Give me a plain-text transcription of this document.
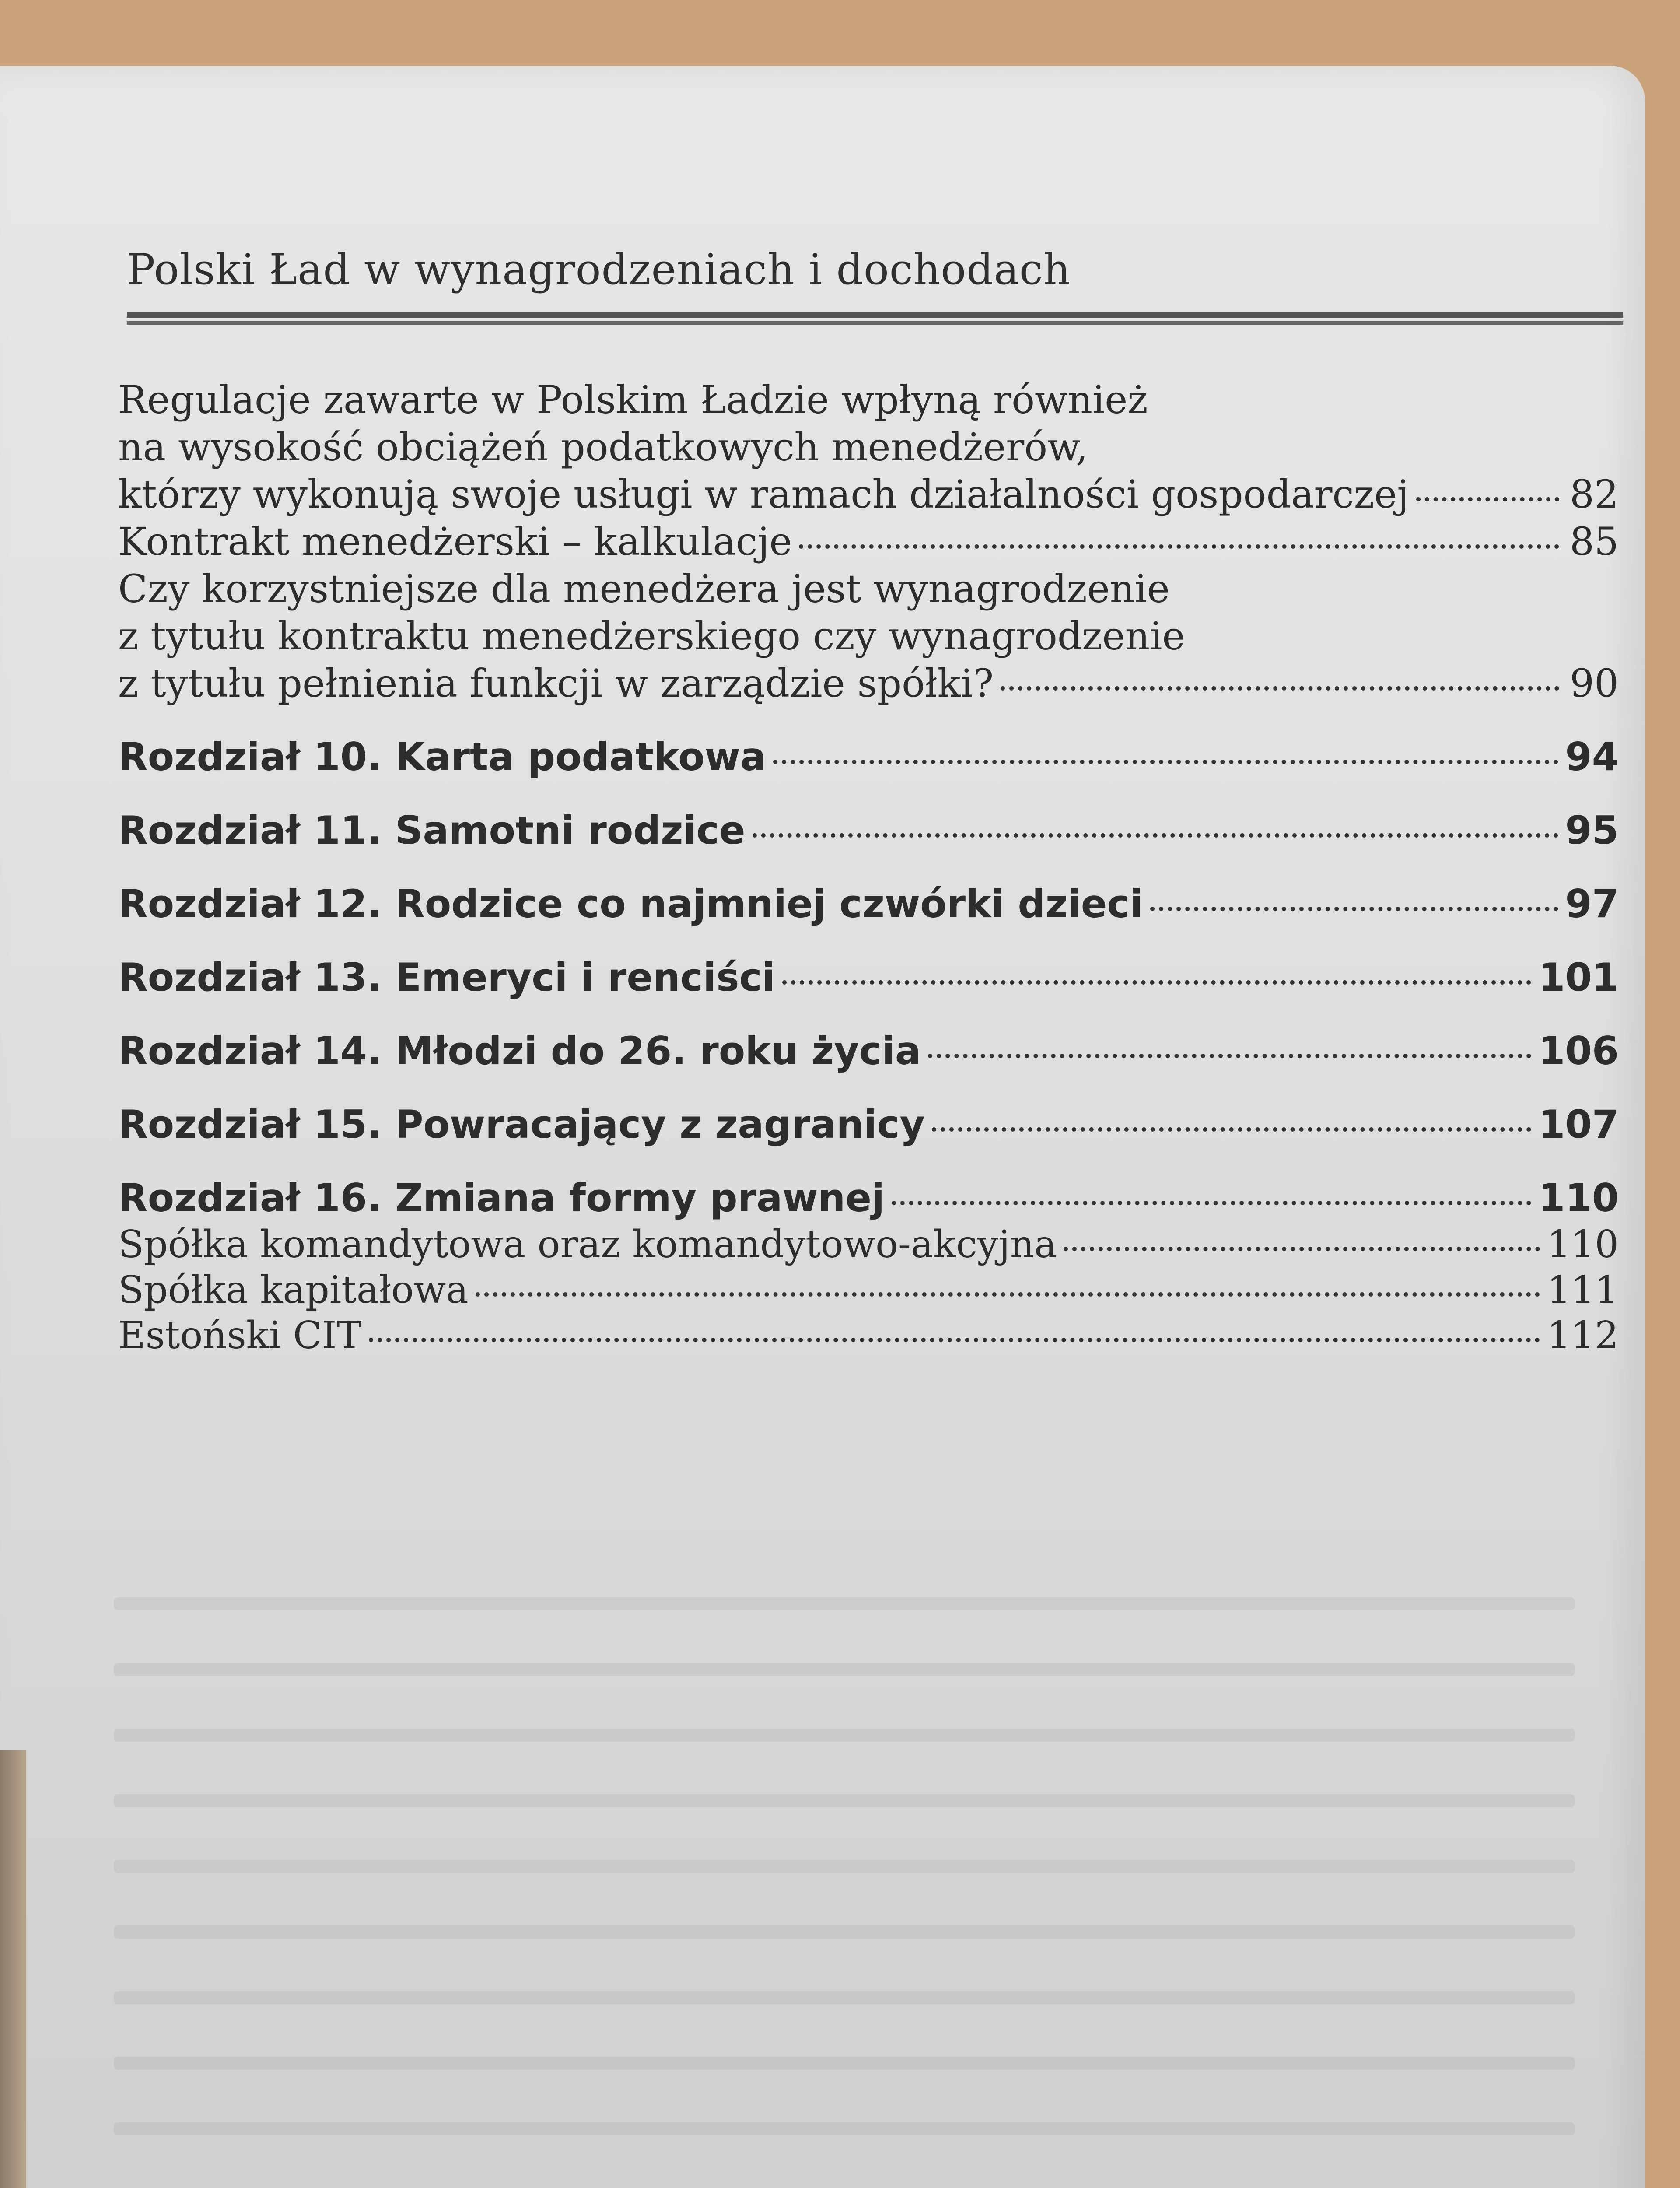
Polski Ład w wynagrodzeniach i dochodach
Regulacje zawarte w Polskim Ładzie wpłyną również
na wysokość obciążeń podatkowych menedżerów,
którzy wykonują swoje usługi w ramach działalności gospodarczej	82
Kontrakt menedżerski – kalkulacje	85
Czy korzystniejsze dla menedżera jest wynagrodzenie
z tytułu kontraktu menedżerskiego czy wynagrodzenie
z tytułu pełnienia funkcji w zarządzie spółki?	90
Rozdział 10. Karta podatkowa	94
Rozdział 11. Samotni rodzice	95
Rozdział 12. Rodzice co najmniej czwórki dzieci	97
Rozdział 13. Emeryci i renciści	101
Rozdział 14. Młodzi do 26. roku życia	106
Rozdział 15. Powracający z zagranicy	107
Rozdział 16. Zmiana formy prawnej	110
Spółka komandytowa oraz komandytowo-akcyjna	110
Spółka kapitałowa	111
Estoński CIT	112
